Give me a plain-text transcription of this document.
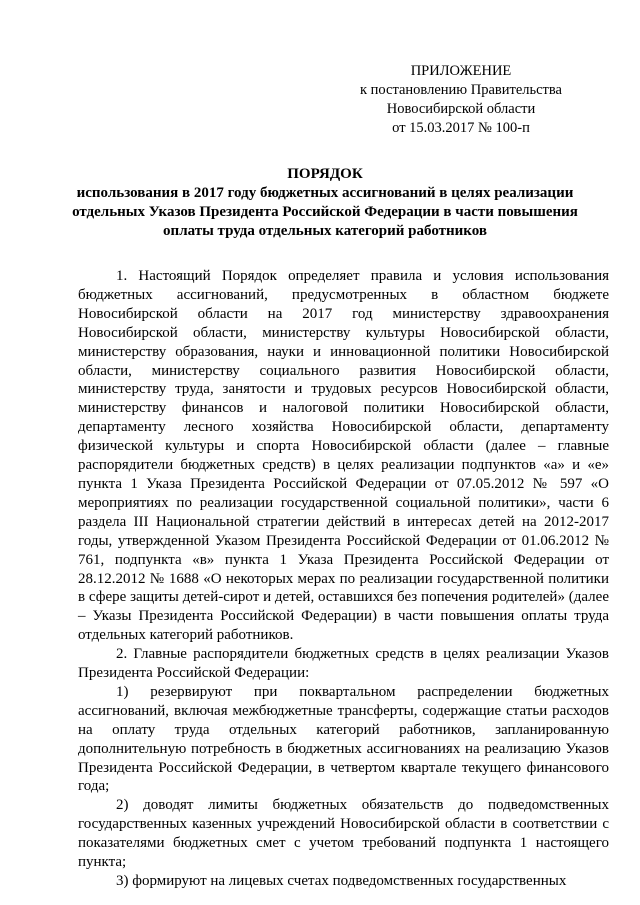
ПРИЛОЖЕНИЕ
к постановлению Правительства
Новосибирской области
от 15.03.2017 № 100-п
ПОРЯДОК
использования в 2017 году бюджетных ассигнований в целях реализации
отдельных Указов Президента Российской Федерации в части повышения
оплаты труда отдельных категорий работников

1. Настоящий Порядок определяет правила и условия использования бюджетных ассигнований, предусмотренных в областном бюджете Новосибирской области на 2017 год министерству здравоохранения Новосибирской области, министерству культуры Новосибирской области, министерству образования, науки и инновационной политики Новосибирской области, министерству социального развития Новосибирской области, министерству труда, занятости и трудовых ресурсов Новосибирской области, министерству финансов и налоговой политики Новосибирской области, департаменту лесного хозяйства Новосибирской области, департаменту физической культуры и спорта Новосибирской области (далее – главные распорядители бюджетных средств) в целях реализации подпунктов «а» и «е» пункта 1 Указа Президента Российской Федерации от 07.05.2012 № 597 «О мероприятиях по реализации государственной социальной политики», части 6 раздела III Национальной стратегии действий в интересах детей на 2012-2017 годы, утвержденной Указом Президента Российской Федерации от 01.06.2012 № 761, подпункта «в» пункта 1 Указа Президента Российской Федерации от 28.12.2012 № 1688 «О некоторых мерах по реализации государственной политики в сфере защиты детей-сирот и детей, оставшихся без попечения родителей» (далее – Указы Президента Российской Федерации) в части повышения оплаты труда отдельных категорий работников.

2. Главные распорядители бюджетных средств в целях реализации Указов Президента Российской Федерации:

1) резервируют при поквартальном распределении бюджетных ассигнований, включая межбюджетные трансферты, содержащие статьи расходов на оплату труда отдельных категорий работников, запланированную дополнительную потребность в бюджетных ассигнованиях на реализацию Указов Президента Российской Федерации, в четвертом квартале текущего финансового года;

2) доводят лимиты бюджетных обязательств до подведомственных государственных казенных учреждений Новосибирской области в соответствии с показателями бюджетных смет с учетом требований подпункта 1 настоящего пункта;

3) формируют на лицевых счетах подведомственных государственных
